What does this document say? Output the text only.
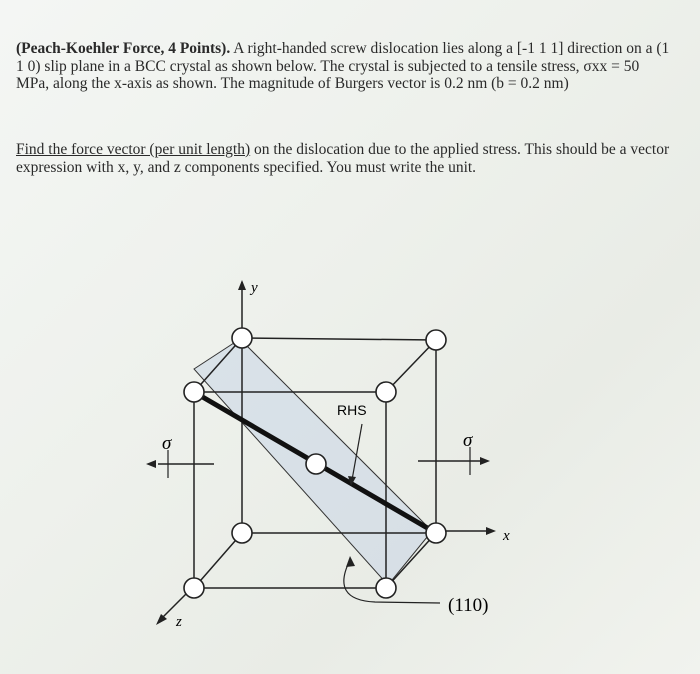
(Peach-Koehler Force, 4 Points). A right-handed screw dislocation lies along a [-1 1 1] direction on a (1 1 0) slip plane in a BCC crystal as shown below. The crystal is subjected to a tensile stress, σxx = 50 MPa, along the x-axis as shown. The magnitude of Burgers vector is 0.2 nm (b = 0.2 nm)
Find the force vector (per unit length) on the dislocation due to the applied stress. This should be a vector expression with x, y, and z components specified. You must write the unit.
y
x
z
σ	σ
RHS
(110)
